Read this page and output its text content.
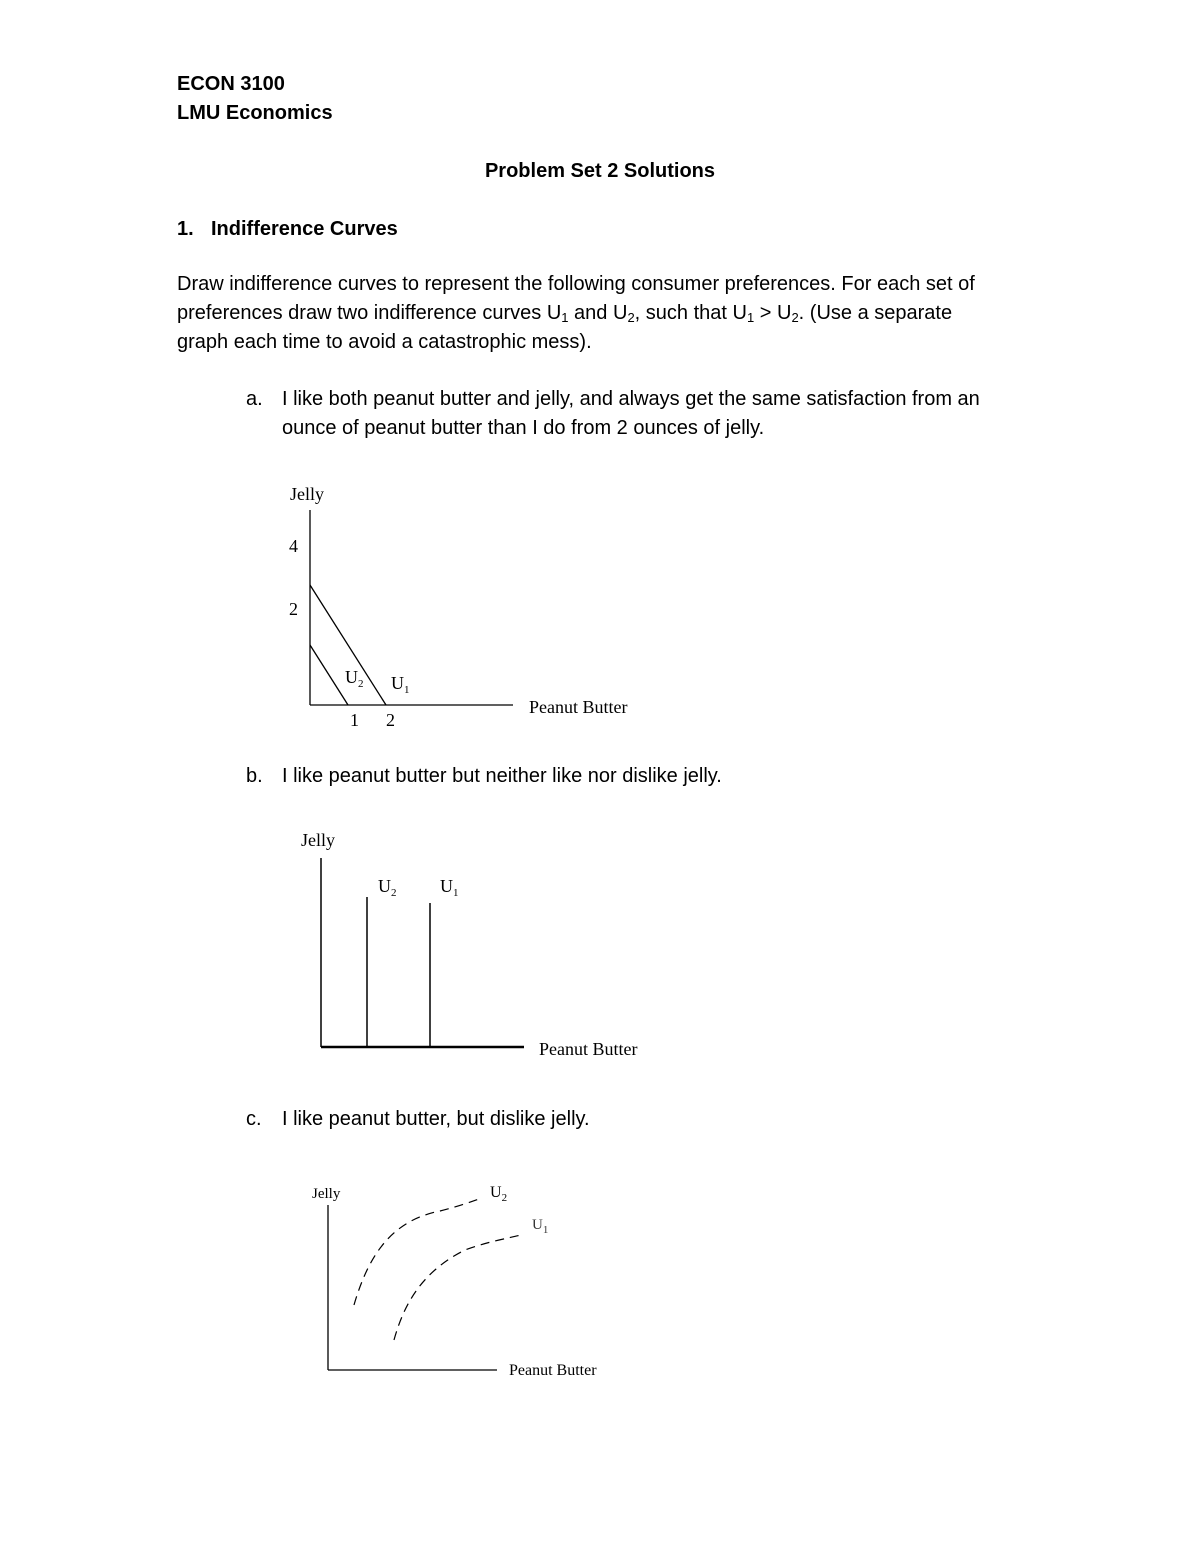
ECON 3100
LMU Economics
Problem Set 2 Solutions
1. Indifference Curves
Draw indifference curves to represent the following consumer preferences. For each set of
preferences draw two indifference curves $U_1$ and $U_2$, such that $U_1 > U_2$. (Use a separate
graph each time to avoid a catastrophic mess).
a. I like both peanut butter and jelly, and always get the same satisfaction from an
ounce of peanut butter than I do from 2 ounces of jelly.
Jelly
Peanut Butter
4
2
1 2
$U_2$ $U_1$
b. I like peanut butter but neither like nor dislike jelly.
Jelly
Peanut Butter
$U_2$ $U_1$
c. I like peanut butter, but dislike jelly.
Jelly
Peanut Butter
$U_2$
$U_1$
